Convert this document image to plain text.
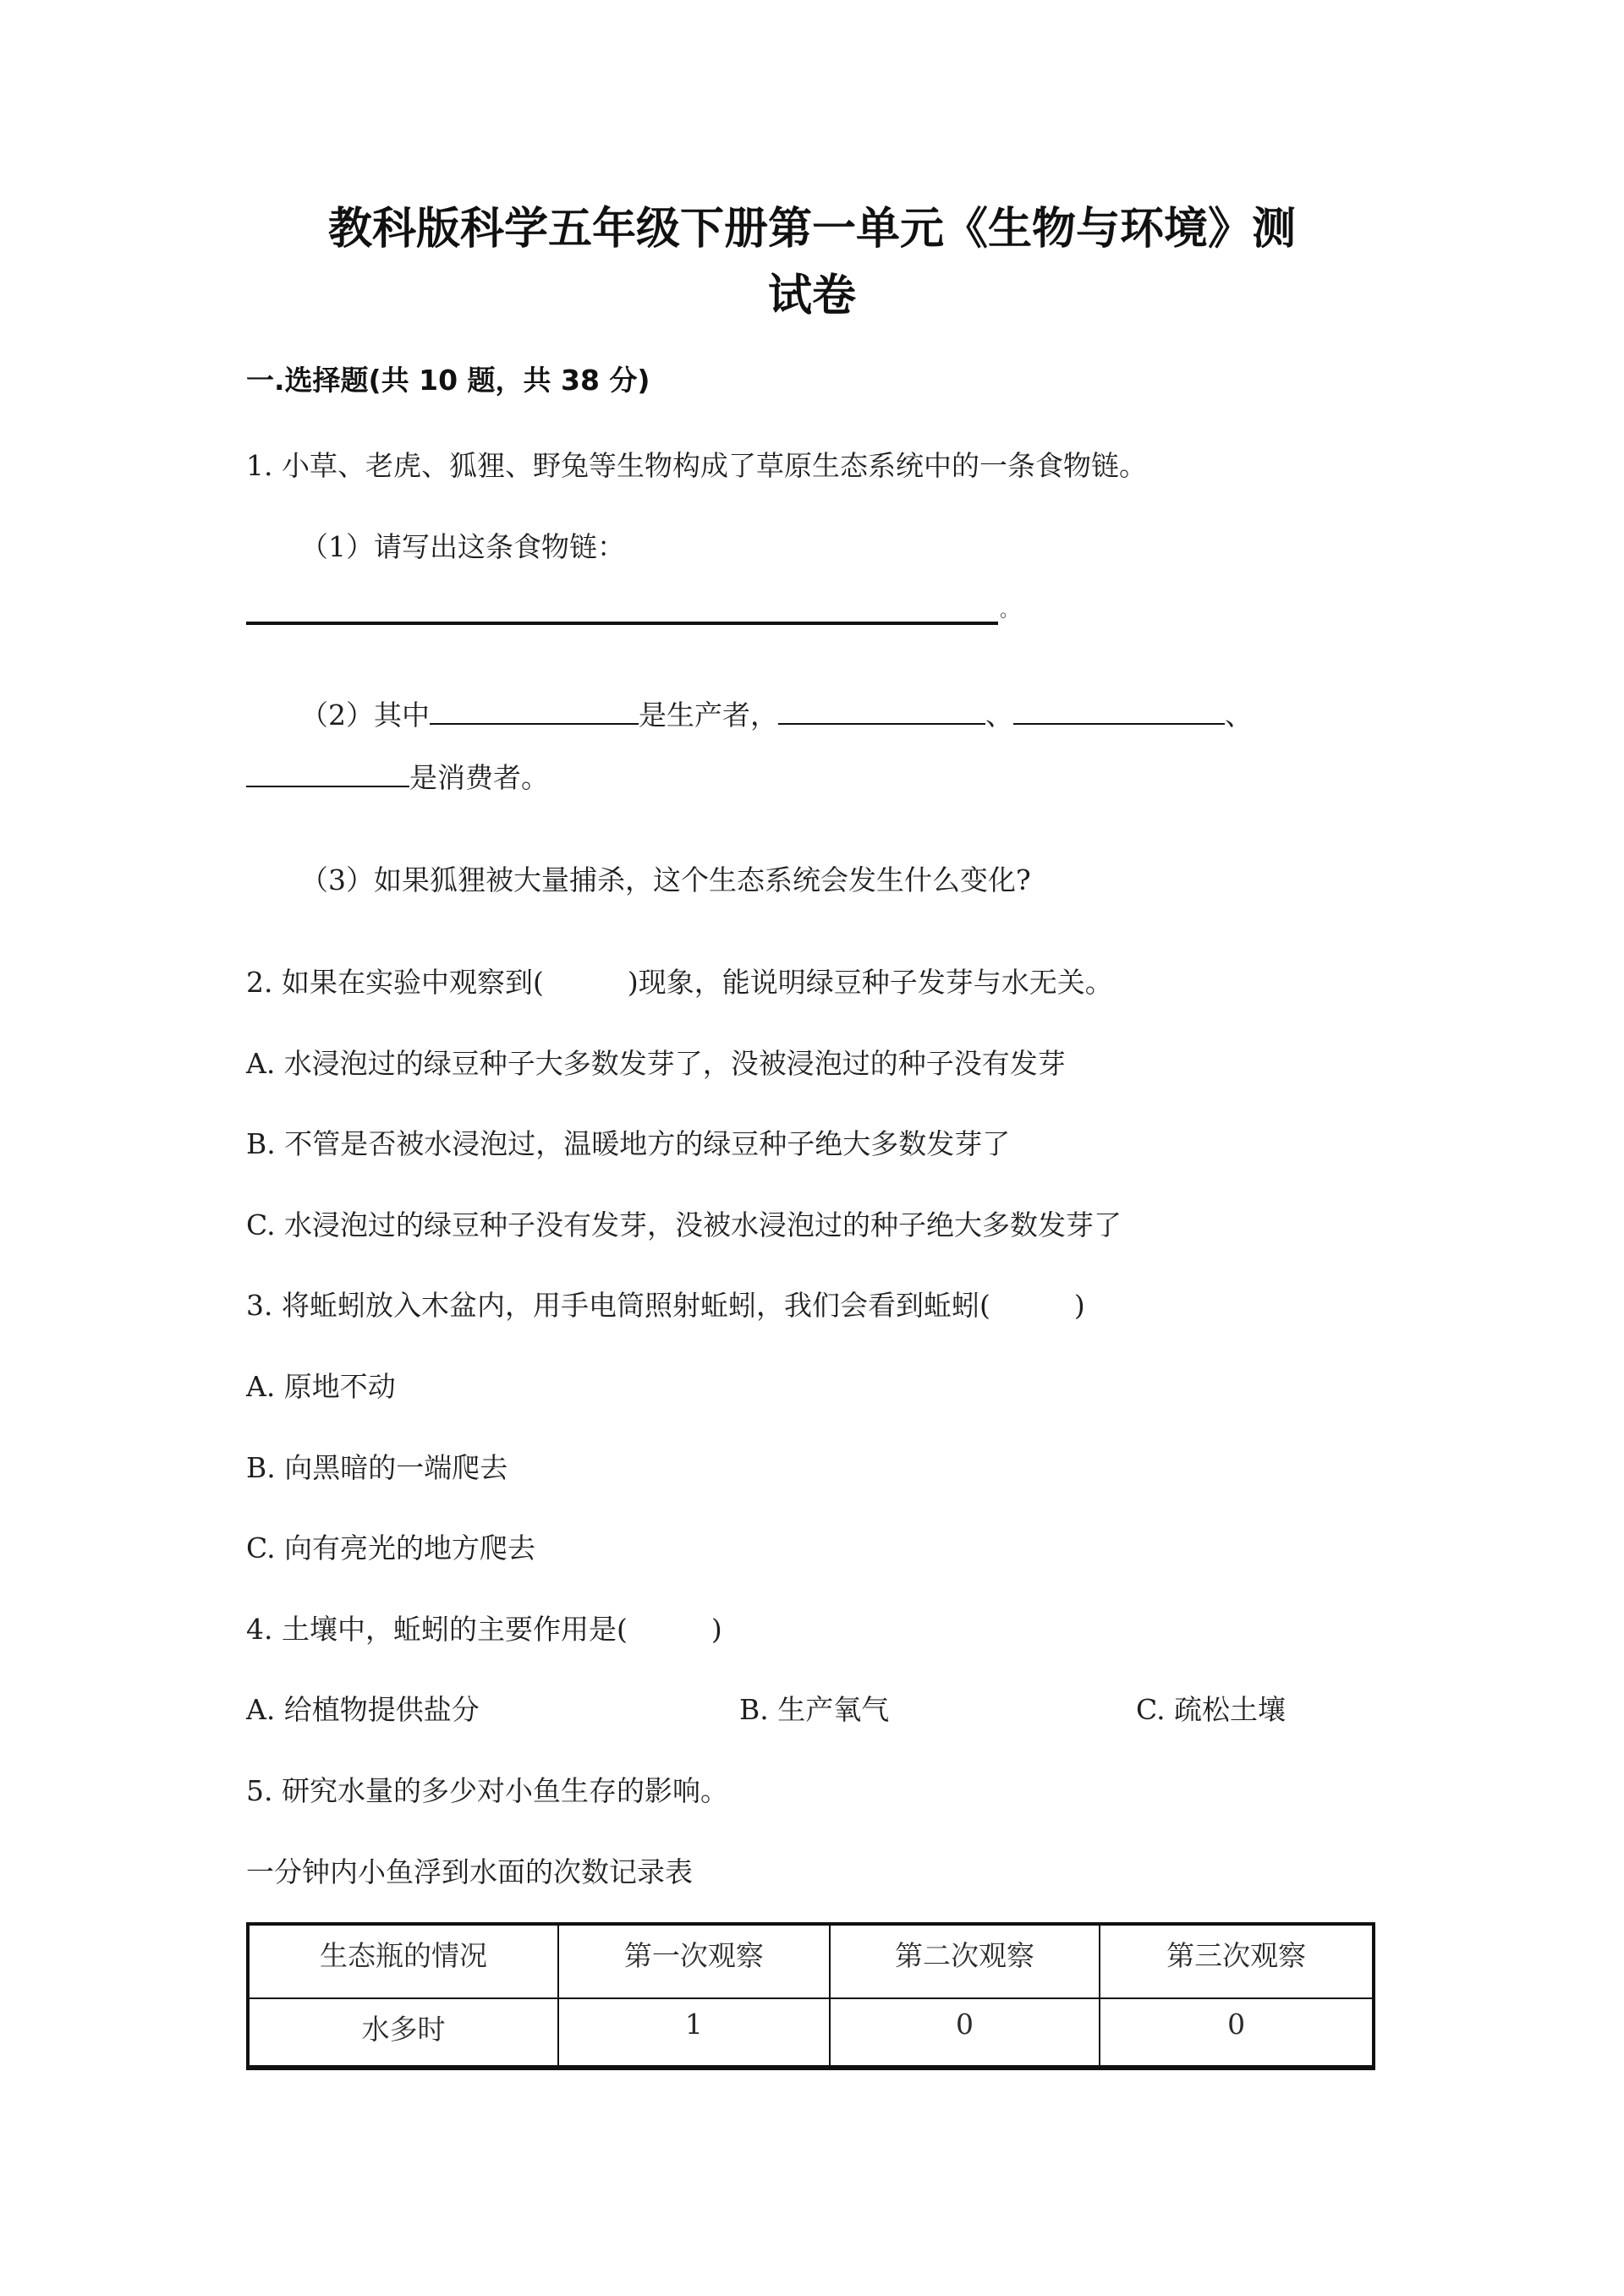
教科版科学五年级下册第一单元《生物与环境》测
试卷
一.选择题(共 10 题，共 38 分)
1. 小草、老虎、狐狸、野兔等生物构成了草原生态系统中的一条食物链。
（1）请写出这条食物链：
。
（2）其中	是生产者，	、	、
是消费者。
（3）如果狐狸被大量捕杀，这个生态系统会发生什么变化?
2. 如果在实验中观察到(　　　)现象，能说明绿豆种子发芽与水无关。
A. 水浸泡过的绿豆种子大多数发芽了，没被浸泡过的种子没有发芽
B. 不管是否被水浸泡过，温暖地方的绿豆种子绝大多数发芽了
C. 水浸泡过的绿豆种子没有发芽，没被水浸泡过的种子绝大多数发芽了
3. 将蚯蚓放入木盆内，用手电筒照射蚯蚓，我们会看到蚯蚓(　　　)
A. 原地不动
B. 向黑暗的一端爬去
C. 向有亮光的地方爬去
4. 土壤中，蚯蚓的主要作用是(　　　)
A. 给植物提供盐分	B. 生产氧气	C. 疏松土壤
5. 研究水量的多少对小鱼生存的影响。
一分钟内小鱼浮到水面的次数记录表
生态瓶的情况	第一次观察	第二次观察	第三次观察
水多时	1	0	0
